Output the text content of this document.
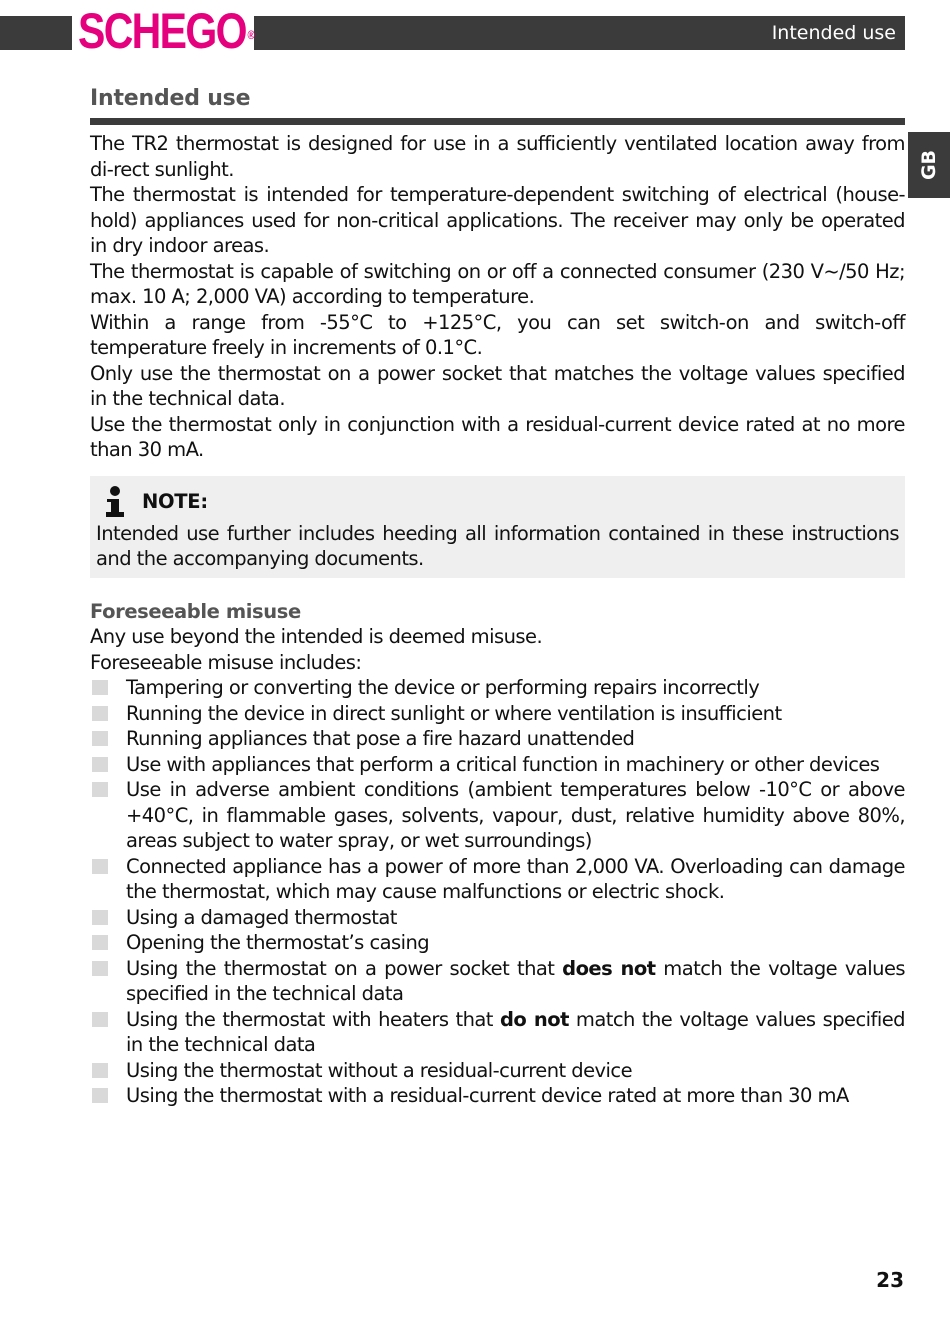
SCHEGO ®	Intended use
GB
Intended use

The TR2 thermostat is designed for use in a sufficiently ventilated location away from di-rect sunlight.

The thermostat is intended for temperature-dependent switching of electrical (house-hold) appliances used for non-critical applications. The receiver may only be operated in dry indoor areas.

The thermostat is capable of switching on or off a connected consumer (230 V~/50 Hz; max. 10 A; 2,000 VA) according to temperature.

Within a range from -55°C to +125°C, you can set switch-on and switch-off temperature freely in increments of 0.1°C.

Only use the thermostat on a power socket that matches the voltage values specified in the technical data.

Use the thermostat only in conjunction with a residual-current device rated at no more than 30 mA.

NOTE:

Intended use further includes heeding all information contained in these instructions and the accompanying documents.

Foreseeable misuse

Any use beyond the intended is deemed misuse.

Foreseeable misuse includes:

Tampering or converting the device or performing repairs incorrectly
Running the device in direct sunlight or where ventilation is insufficient
Running appliances that pose a fire hazard unattended
Use with appliances that perform a critical function in machinery or other devices
Use in adverse ambient conditions (ambient temperatures below -10°C or above +40°C, in flammable gases, solvents, vapour, dust, relative humidity above 80%, areas subject to water spray, or wet surroundings)
Connected appliance has a power of more than 2,000 VA. Overloading can damage the thermostat, which may cause malfunctions or electric shock.
Using a damaged thermostat
Opening the thermostat’s casing
Using the thermostat on a power socket that does not match the voltage values specified in the technical data
Using the thermostat with heaters that do not match the voltage values specified in the technical data
Using the thermostat without a residual-current device
Using the thermostat with a residual-current device rated at more than 30 mA
23
